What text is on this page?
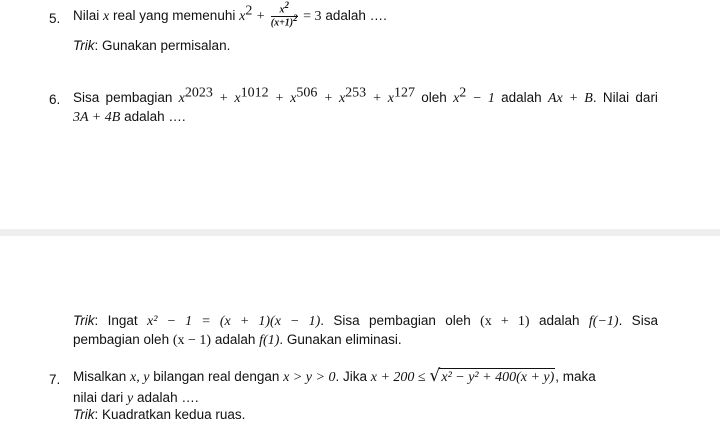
5. Nilai x real yang memenuhi $x^2 + \frac{x^2}{(x+1)^2} = 3$ adalah ….
Trik: Gunakan permisalan.
6. Sisa pembagian $x^{2023} + x^{1012} + x^{506} + x^{253} + x^{127}$ oleh $x^2 - 1$ adalah Ax + B. Nilai dari
3A + 4B adalah ….
Trik: Ingat x² − 1 = (x + 1)(x − 1). Sisa pembagian oleh (x + 1) adalah f(−1). Sisa
pembagian oleh (x − 1) adalah f(1). Gunakan eliminasi.
7. Misalkan x, y bilangan real dengan x > y > 0. Jika x + 200 ≤ √ x² − y² + 400(x + y), maka
nilai dari y adalah ….
Trik: Kuadratkan kedua ruas.
